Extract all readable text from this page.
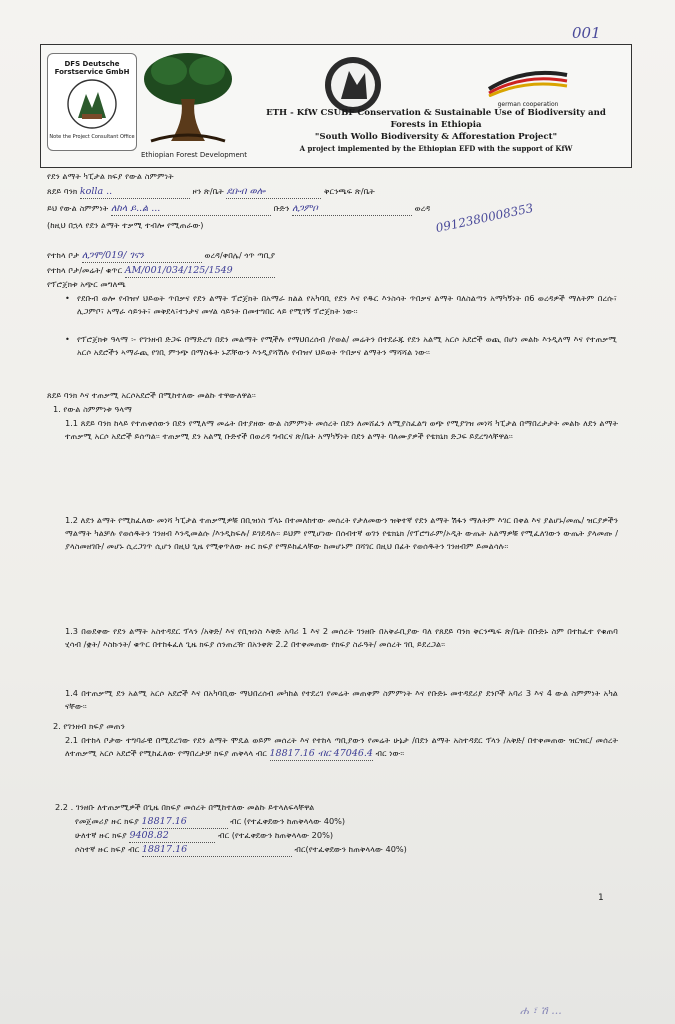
001
DFS Deutsche Forstservice GmbH
Note the Project Consultant Office
Ethiopian Forest Development
german cooperation
ETH - KfW CSUBF Conservation & Sustainable Use of Biodiversity and
Forests in Ethiopia
"South Wollo Biodiversity & Afforestation Project"
A project implemented by the Ethiopian EFD with the support of KfW
የደን ልማት ካፒታል ክፍያ የውል ስምምነት
ጸደይ ባንክ kolla ..	ዞን ጽ/ቤት ደቡብ ወሎ	ቅርንጫፍ ጽ/ቤት
ይህ የውል ስምምነት ለከላ ይ..ል ...	ቡድን ለጋምቦ	ወረዳ
(ከዚህ በኋላ የደን ልማት ተቃሚ ተብሎ የሚጠራው)
የተከላ ቦታ ለጋሞ/019/ ገናን	ወረዳ/ቀበሌ/ ጎጥ ጣቢያ
0912380008353
የተከላ ቦታ/መሬት/ ቁጥር AM/001/034/125/1549
የፕሮጀክቱ አጭር መግለጫ
• የደቡብ ወሎ የብዝሃ ህይወት ጥበቃና የደን ልማት ፕሮጀክት በአማራ ክልል የአካባቢ የደን እና የዱር እንስሳት ጥበቃና ልማት ባለስልጣን አማካኝነት በ6 ወረዳዎች ማለትም በረሱ፣ ሊጋምቦ፣ አማራ ሳይንት፣ መቅደላ፣ተንታና መሃል ሳይንት በመተግበር ላይ የሚገኝ ፕሮጀክት ነው፡፡
• የፕሮጀክቱ ዓላማ ፡- የገንዘብ ድጋፍ በማድረግ በደን መልማት የሚችሉ የማህበረሰብ /የወል/ መሬትን በተደራጁ የደን አልሚ አርሶ አደሮች ወጪ በሆነ መልኩ እንዲለማ እና የተጠቃሚ አርሶ አደሮችን ኣማራጪ የገቢ ምንጭ በማስፋት ኑሯቸውን እንዲያሻሽሉ የብዝሃ ህይወት ጥበቃና ልማትን ማሻሻል ነው፡፡
ጸደይ ባንክ እና ተጠቃሚ አርሶአደሮች በሚከተለው መልኩ ተዋውለዋል፡፡
1. የውል ስምምነቱ ዓላማ
1.1 ጸደይ ባንክ ከላይ የተጠቀሰውን በደን የሚለማ መሬት በተያዘው ውል ስምምነት መሰረት በደን ለመሸፈን ለሚያስፈልግ ወጭ የሚያገዝ መነሻ ካፒታል በማበረታታት መልኩ ለደን ልማት ተጠቃሚ አርሶ አደሮች ይሰጣል፡፡ ተጠቃሚ ደን አልሚ ቡድኖች በወረዳ ግብርና ጽ/ቤት አማካኝነት በደን ልማት ባለሙያዎች የቴክኒክ ድጋፍ ይደረግላቸዋል፡፡
1.2 ለደን ልማት የሚከፈለው መነሻ ካፒታል ተጠቃሚዎቹ በቢዝነስ ፕላኑ በተመለከተው መሰረት የታለመውን ዝቅተኛ የደን ልማት ሽፋን ማለትም እገር በቀል እና ያልሆኑ/መጤ/ ዝርያዎችን ማልማት ካልቻሉ የወሰዱትን ገንዘብ እንዲመልሱ /እንዲከፍሉ/ ይገደዳሉ፡፡ ይህም የሚሆነው በሰብተኛ ወገን የቴክኒክ /የፕሮግራም/ኦዲት ውጤት አልማዎቹ የሚፈለገውን ውጤት ያላመጡ /ያላስመዘገቡ/ መሆኑ ሲረጋገጥ ሲሆን በዚህ ጊዜ የሚቀጥለው ዙር ክፍያ የማይከፈላቸው ከመሆኑም በሻገር በዚህ በፊት የወሰዱትን ገንዘብም ይመልሳሉ፡፡
1.3 በወደቀው የደን ልማት አስተዳደር ፕላን /አቅድ/ እና የቢዝነስ እቅድ አባሪ 1 እና 2 መሰረት ገንዘቡ በአቅራቢያው ባለ የጸደይ ባንክ ቅርንጫፍ ጽ/ቤት በቡድኑ ስም በተከፈተ የቁጠባ ሂሳብ /ቋት/ እስኩንት/ ቁጥር በተከፋፈለ ጊዜ ክፍያ ሰንጠረዥ በአንቀጽ 2.2 በተቀመጠው የክፍያ ስራዓት/ መሰረት ገቢ ይደረጋል፡፡
1.4 በተጠቃሚ ደን አልሚ አርሶ አደሮች እና በአካባቢው ማህበረሰብ መካከል የተደረገ የመሬት መጠቀም ስምምነት እና የቡድኑ መተዳደሪያ ደንቦች አባሪ 3 እና 4 ውል ስምምነት አካል ናቸው፡፡
2. የገንዘብ ክፍያ መጠን
2.1 በተከላ ቦታው ተግባራዊ በሚደረገው የደን ልማት ሞዴል ወይም መሰረት እና የተከላ ጣቢያውን የመሬት ሁኔታ /በደን ልማት አስተዳደር ፕላን /አቅድ/ በተቀመጠው ዝርዝር/ መሰረት ለተጠቃሚ አርሶ አደሮች የሚከፈለው የማበረታቻ ክፍያ ጠቅላላ ብር 18817.16 ብር 47046.4 ብር ነው፡፡
2.2 . ገንዘቡ ለተጠቃሚዎች በጊዜ በክፍያ መሰረት በሚከተለው መልኩ ይተላለፍላቸዋል
የመጀመሪያ ዙር ክፍያ 18817.16	ብር (የተፈቀደውን ከጠቅላላው 40%)
ሁለተኛ ዙር ክፍያ 9408.82	ብር (የተፈቀደውን ከጠቅላላው 20%)
ሶስተኛ ዙር ክፍያ ብር 18817.16	ብር(የተፈቀደውን ከጠቅላላው 40%)
1
ሐ ፣ ሽ ...
